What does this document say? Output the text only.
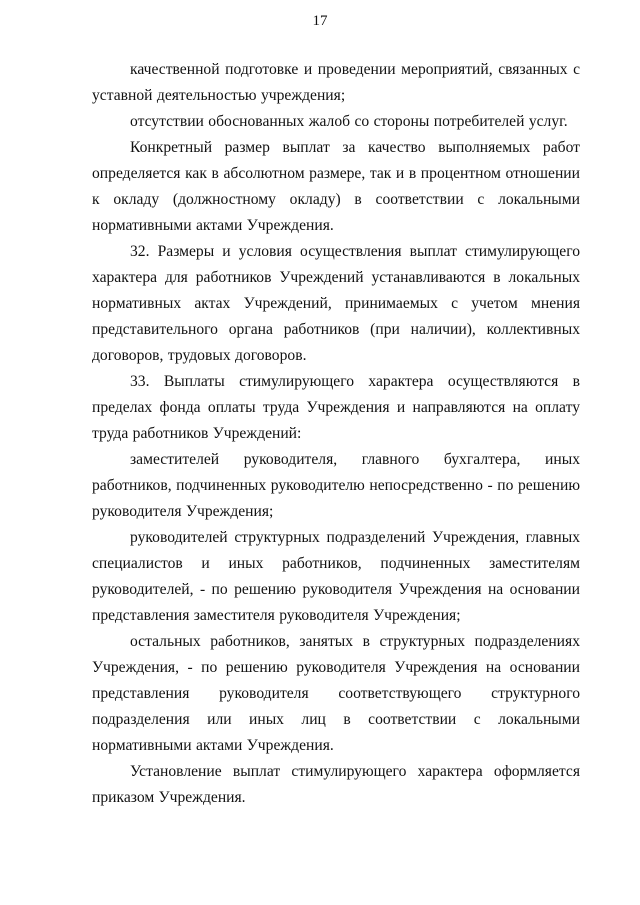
17

качественной подготовке и проведении мероприятий, связанных с уставной деятельностью учреждения;

отсутствии обоснованных жалоб со стороны потребителей услуг.

Конкретный размер выплат за качество выполняемых работ определяется как в абсолютном размере, так и в процентном отношении к окладу (должностному окладу) в соответствии с локальными нормативными актами Учреждения.

32. Размеры и условия осуществления выплат стимулирующего характера для работников Учреждений устанавливаются в локальных нормативных актах Учреждений, принимаемых с учетом мнения представительного органа работников (при наличии), коллективных договоров, трудовых договоров.

33. Выплаты стимулирующего характера осуществляются в пределах фонда оплаты труда Учреждения и направляются на оплату труда работников Учреждений:

заместителей руководителя, главного бухгалтера, иных работников, подчиненных руководителю непосредственно - по решению руководителя Учреждения;

руководителей структурных подразделений Учреждения, главных специалистов и иных работников, подчиненных заместителям руководителей, - по решению руководителя Учреждения на основании представления заместителя руководителя Учреждения;

остальных работников, занятых в структурных подразделениях Учреждения, - по решению руководителя Учреждения на основании представления руководителя соответствующего структурного подразделения или иных лиц в соответствии с локальными нормативными актами Учреждения.

Установление выплат стимулирующего характера оформляется приказом Учреждения.
